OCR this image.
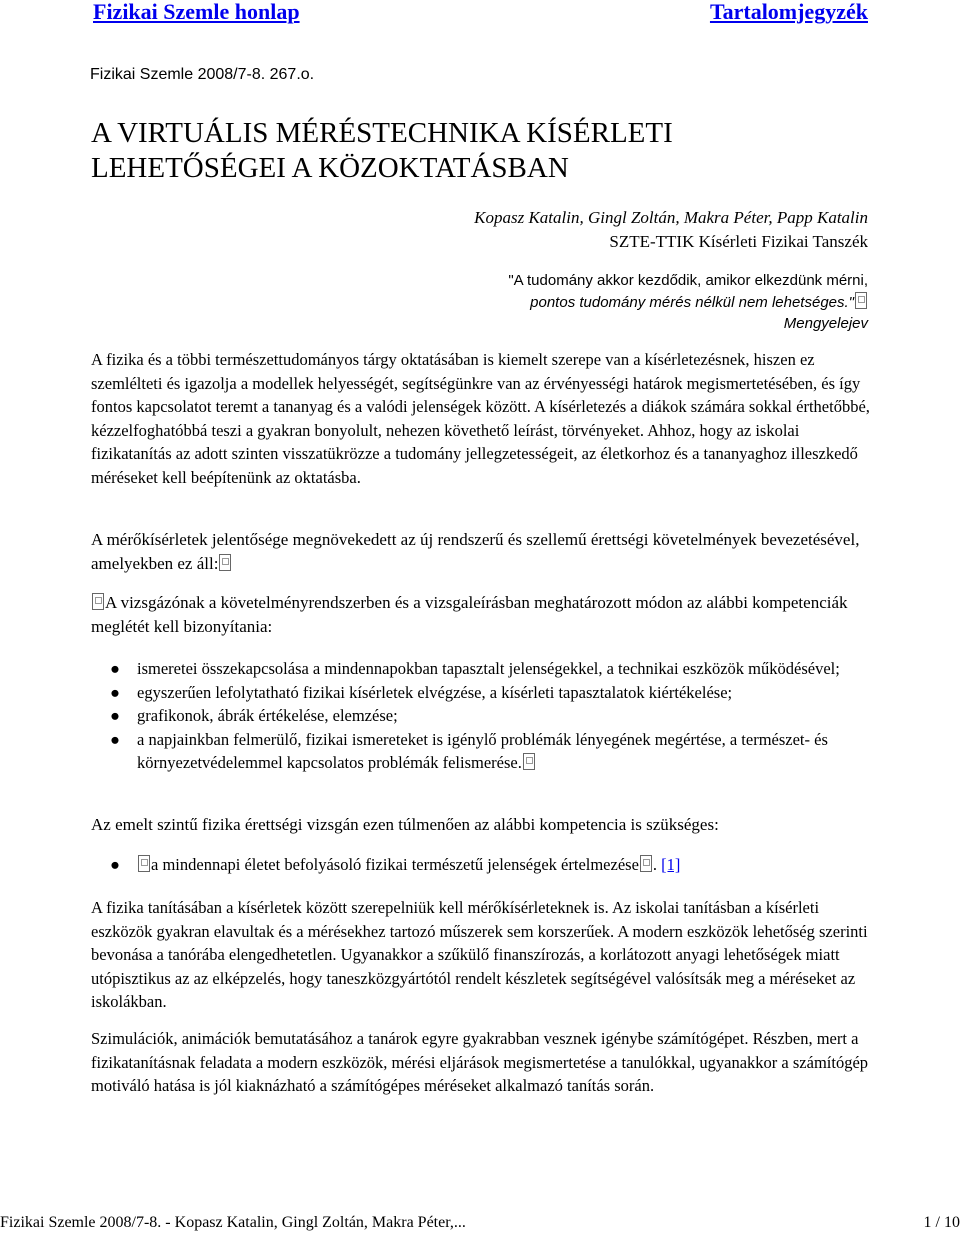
Fizikai Szemle honlap	Tartalomjegyzék
Fizikai Szemle 2008/7-8. 267.o.
A VIRTUÁLIS MÉRÉSTECHNIKA KÍSÉRLETI
LEHETŐSÉGEI A KÖZOKTATÁSBAN
Kopasz Katalin, Gingl Zoltán, Makra Péter, Papp Katalin
SZTE-TTIK Kísérleti Fizikai Tanszék
"A tudomány akkor kezdődik, amikor elkezdünk mérni,
pontos tudomány mérés nélkül nem lehetséges."
Mengyelejev

A fizika és a többi természettudományos tárgy oktatásában is kiemelt szerepe van a kísérletezésnek, hiszen ez szemlélteti és igazolja a modellek helyességét, segítségünkre van az érvényességi határok megismertetésében, és így fontos kapcsolatot teremt a tananyag és a valódi jelenségek között. A kísérletezés a diákok számára sokkal érthetőbbé, kézzelfoghatóbbá teszi a gyakran bonyolult, nehezen követhető leírást, törvényeket. Ahhoz, hogy az iskolai fizikatanítás az adott szinten visszatükrözze a tudomány jellegzetességeit, az életkorhoz és a tananyaghoz illeszkedő méréseket kell beépítenünk az oktatásba.

A mérőkísérletek jelentősége megnövekedett az új rendszerű és szellemű érettségi követelmények bevezetésével, amelyekben ez áll:

A vizsgázónak a követelményrendszerben és a vizsgaleírásban meghatározott módon az alábbi kompetenciák meglétét kell bizonyítania:

● ismeretei összekapcsolása a mindennapokban tapasztalt jelenségekkel, a technikai eszközök működésével;
● egyszerűen lefolytatható fizikai kísérletek elvégzése, a kísérleti tapasztalatok kiértékelése;
● grafikonok, ábrák értékelése, elemzése;
● a napjainkban felmerülő, fizikai ismereteket is igénylő problémák lényegének megértése, a természet- és környezetvédelemmel kapcsolatos problémák felismerése.

Az emelt szintű fizika érettségi vizsgán ezen túlmenően az alábbi kompetencia is szükséges:

● a mindennapi életet befolyásoló fizikai természetű jelenségek értelmezése . [1]

A fizika tanításában a kísérletek között szerepelniük kell mérőkísérleteknek is. Az iskolai tanításban a kísérleti eszközök gyakran elavultak és a mérésekhez tartozó műszerek sem korszerűek. A modern eszközök lehetőség szerinti bevonása a tanórába elengedhetetlen. Ugyanakkor a szűkülő finanszírozás, a korlátozott anyagi lehetőségek miatt utópisztikus az az elképzelés, hogy taneszközgyártótól rendelt készletek segítségével valósítsák meg a méréseket az iskolákban.

Szimulációk, animációk bemutatásához a tanárok egyre gyakrabban vesznek igénybe számítógépet. Részben, mert a fizikatanításnak feladata a modern eszközök, mérési eljárások megismertetése a tanulókkal, ugyanakkor a számítógép motiváló hatása is jól kiaknázható a számítógépes méréseket alkalmazó tanítás során.

Fizikai Szemle 2008/7-8. - Kopasz Katalin, Gingl Zoltán, Makra Péter,...	1 / 10
